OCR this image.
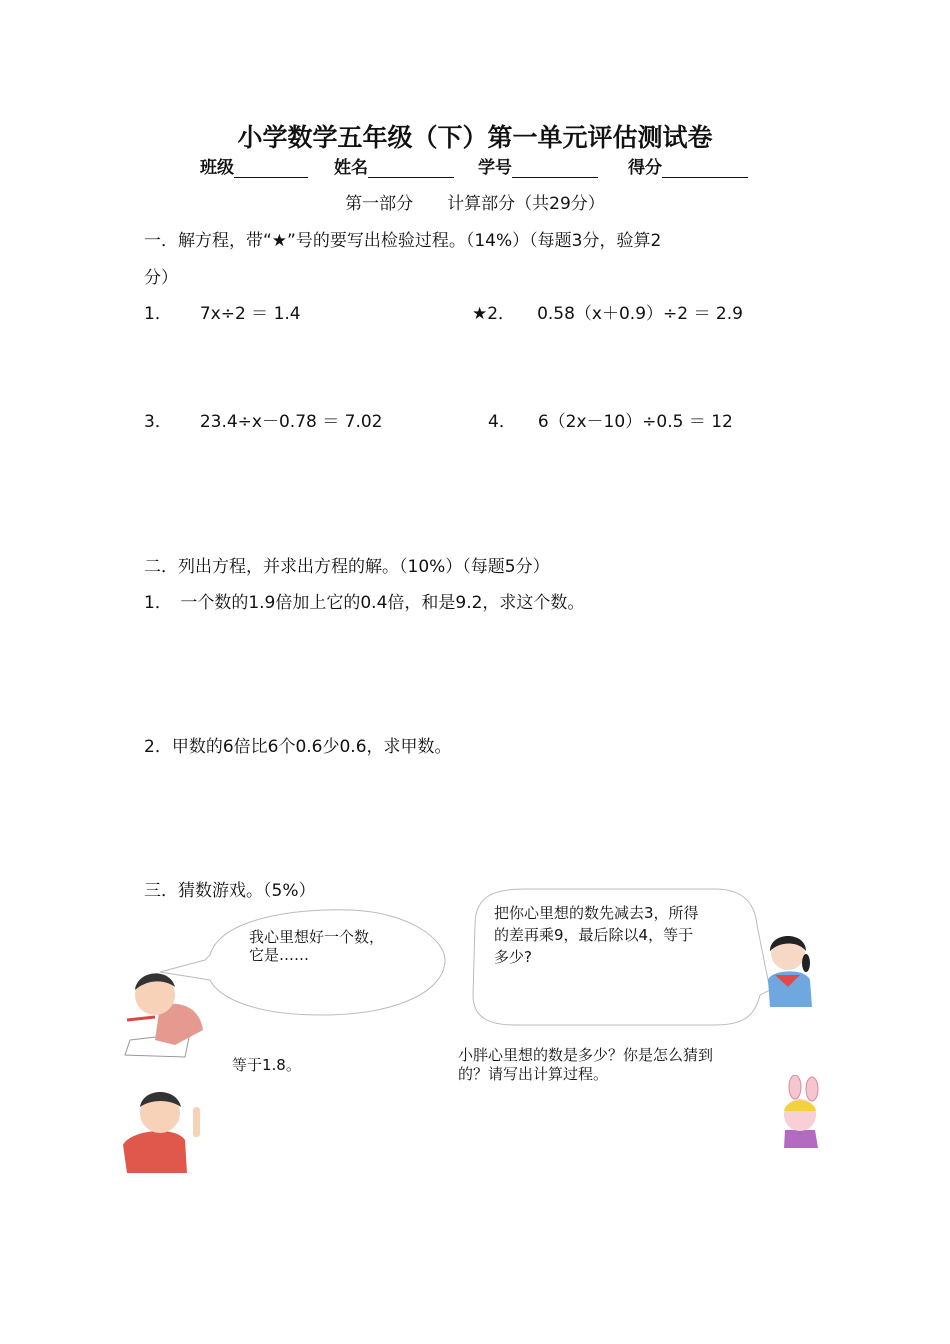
小学数学五年级（下）第一单元评估测试卷
班级	姓名	学号	得分
第一部分　　计算部分（共29分）
一．解方程，带“★”号的要写出检验过程。（14%）（每题3分，验算2
分）
1． 7x÷2 ＝ 1.4	★2． 0.58（x＋0.9）÷2 ＝ 2.9
3． 23.4÷x－0.78 ＝ 7.02	4． 6（2x－10）÷0.5 ＝ 12
二．列出方程，并求出方程的解。（10%）（每题5分）
1．　一个数的1.9倍加上它的0.4倍，和是9.2，求这个数。
2．甲数的6倍比6个0.6少0.6，求甲数。
三．猜数游戏。（5%）
我心里想好一个数，
它是……
把你心里想的数先减去3，所得
的差再乘9，最后除以4，等于
多少?
等于1.8。
小胖心里想的数是多少？你是怎么猜到
的？请写出计算过程。
